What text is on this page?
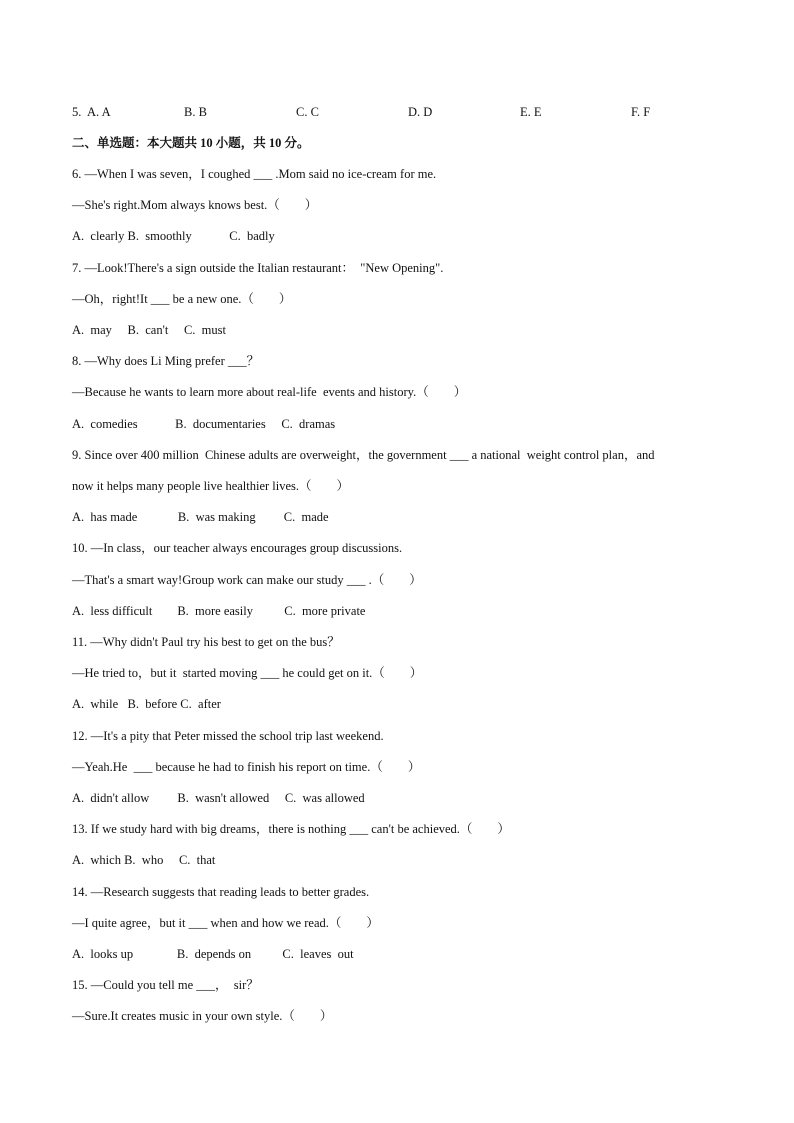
5. A. A	B. B	C. C	D. D	E. E	F. F
二、单选题：本大题共 10 小题，共 10 分。
6. —When I was seven，I coughed ___ .Mom said no ice-cream for me.
—She's right.Mom always knows best.（　　）
A.  clearly B.  smoothly            C.  badly
7. —Look!There's a sign outside the Italian restaurant：  "New Opening".
—Oh，right!It ___ be a new one.（　　）
A.  may     B.  can't     C.  must
8. —Why does Li Ming prefer ___？
—Because he wants to learn more about real-life  events and history.（　　）
A.  comedies            B.  documentaries     C.  dramas
9. Since over 400 million  Chinese adults are overweight，the government ___ a national  weight control plan，and
now it helps many people live healthier lives.（　　）
A.  has made             B.  was making         C.  made
10. —In class，our teacher always encourages group discussions.
—That's a smart way!Group work can make our study ___ .（　　）
A.  less difficult        B.  more easily          C.  more private
11. —Why didn't Paul try his best to get on the bus？
—He tried to，but it  started moving ___ he could get on it.（　　）
A.  while   B.  before C.  after
12. —It's a pity that Peter missed the school trip last weekend.
—Yeah.He  ___ because he had to finish his report on time.（　　）
A.  didn't allow         B.  wasn't allowed     C.  was allowed
13. If we study hard with big dreams，there is nothing ___ can't be achieved.（　　）
A.  which B.  who     C.  that
14. —Research suggests that reading leads to better grades.
—I quite agree，but it ___ when and how we read.（　　）
A.  looks up              B.  depends on          C.  leaves  out
15. —Could you tell me ___，  sir？
—Sure.It creates music in your own style.（　　）
